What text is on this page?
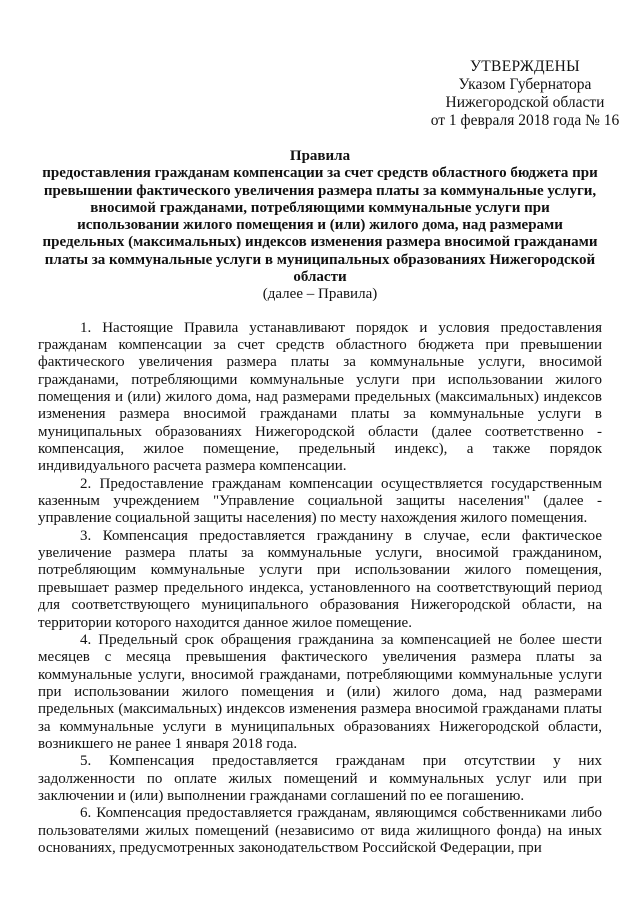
УТВЕРЖДЕНЫ
Указом Губернатора
Нижегородской области
от 1 февраля 2018 года № 16
Правила
предоставления гражданам компенсации за счет средств областного бюджета при превышении фактического увеличения размера платы за коммунальные услуги, вносимой гражданами, потребляющими коммунальные услуги при использовании жилого помещения и (или) жилого дома, над размерами предельных (максимальных) индексов изменения размера вносимой гражданами платы за коммунальные услуги в муниципальных образованиях Нижегородской области
(далее – Правила)

1. Настоящие Правила устанавливают порядок и условия предоставления гражданам компенсации за счет средств областного бюджета при превышении фактического увеличения размера платы за коммунальные услуги, вносимой гражданами, потребляющими коммунальные услуги при использовании жилого помещения и (или) жилого дома, над размерами предельных (максимальных) индексов изменения размера вносимой гражданами платы за коммунальные услуги в муниципальных образованиях Нижегородской области (далее соответственно - компенсация, жилое помещение, предельный индекс), а также порядок индивидуального расчета размера компенсации.

2. Предоставление гражданам компенсации осуществляется государственным казенным учреждением "Управление социальной защиты населения" (далее - управление социальной защиты населения) по месту нахождения жилого помещения.

3. Компенсация предоставляется гражданину в случае, если фактическое увеличение размера платы за коммунальные услуги, вносимой гражданином, потребляющим коммунальные услуги при использовании жилого помещения, превышает размер предельного индекса, установленного на соответствующий период для соответствующего муниципального образования Нижегородской области, на территории которого находится данное жилое помещение.

4. Предельный срок обращения гражданина за компенсацией не более шести месяцев с месяца превышения фактического увеличения размера платы за коммунальные услуги, вносимой гражданами, потребляющими коммунальные услуги при использовании жилого помещения и (или) жилого дома, над размерами предельных (максимальных) индексов изменения размера вносимой гражданами платы за коммунальные услуги в муниципальных образованиях Нижегородской области, возникшего не ранее 1 января 2018 года.

5. Компенсация предоставляется гражданам при отсутствии у них задолженности по оплате жилых помещений и коммунальных услуг или при заключении и (или) выполнении гражданами соглашений по ее погашению.

6. Компенсация предоставляется гражданам, являющимся собственниками либо пользователями жилых помещений (независимо от вида жилищного фонда) на иных основаниях, предусмотренных законодательством Российской Федерации, при
